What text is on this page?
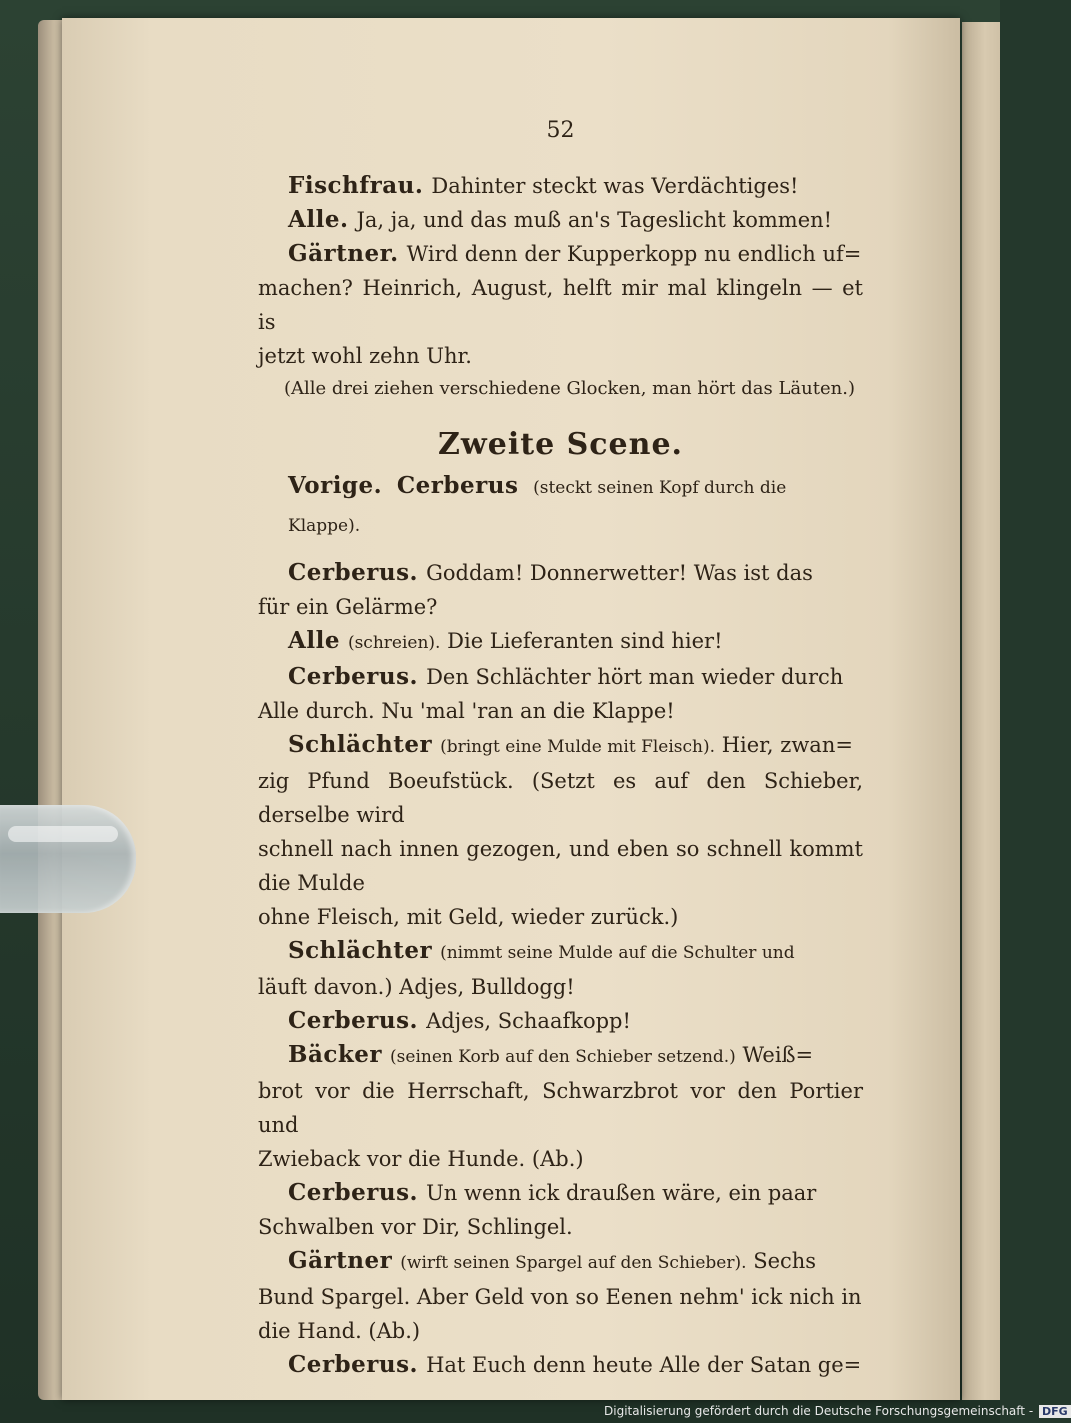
52
Fischfrau. Dahinter steckt was Verdächtiges!
Alle. Ja, ja, und das muß an's Tageslicht kommen!
Gärtner. Wird denn der Kupperkopp nu endlich uf=
machen? Heinrich, August, helft mir mal klingeln — et is
jetzt wohl zehn Uhr.
(Alle drei ziehen verschiedene Glocken, man hört das Läuten.)
Zweite Scene.
Vorige. Cerberus (steckt seinen Kopf durch die Klappe).
Cerberus. Goddam! Donnerwetter! Was ist das
für ein Gelärme?
Alle (schreien). Die Lieferanten sind hier!
Cerberus. Den Schlächter hört man wieder durch
Alle durch. Nu 'mal 'ran an die Klappe!
Schlächter (bringt eine Mulde mit Fleisch). Hier, zwan=
zig Pfund Boeufstück. (Setzt es auf den Schieber, derselbe wird
schnell nach innen gezogen, und eben so schnell kommt die Mulde
ohne Fleisch, mit Geld, wieder zurück.)
Schlächter (nimmt seine Mulde auf die Schulter und
läuft davon.) Adjes, Bulldogg!
Cerberus. Adjes, Schaafkopp!
Bäcker (seinen Korb auf den Schieber setzend.) Weiß=
brot vor die Herrschaft, Schwarzbrot vor den Portier und
Zwieback vor die Hunde. (Ab.)
Cerberus. Un wenn ick draußen wäre, ein paar
Schwalben vor Dir, Schlingel.
Gärtner (wirft seinen Spargel auf den Schieber). Sechs
Bund Spargel. Aber Geld von so Eenen nehm' ick nich in
die Hand. (Ab.)
Cerberus. Hat Euch denn heute Alle der Satan ge=
Digitalisierung gefördert durch die Deutsche Forschungsgemeinschaft - DFG
